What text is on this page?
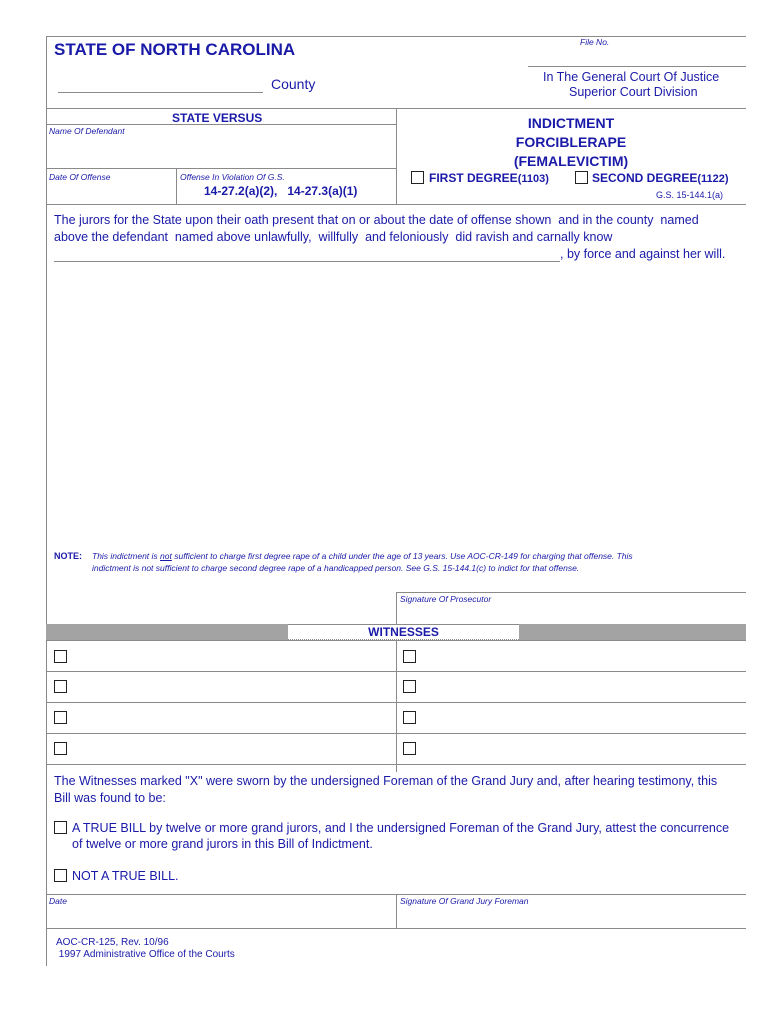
STATE OF NORTH CAROLINA	File No.
County	In The General Court Of Justice
Superior Court Division
STATE VERSUS
Name Of Defendant
Date Of Offense	Offense In Violation Of G.S.
14-27.2(a)(2),   14-27.3(a)(1)
INDICTMENT
FORCIBLERAPE
(FEMALEVICTIM)
FIRST DEGREE(1103)	SECOND DEGREE(1122)
G.S. 15-144.1(a)
The jurors for the State upon their oath present that on or about the date of offense shown  and in the county  named
above the defendant  named above unlawfully,  willfully  and feloniously  did ravish and carnally know
, by force and against her will.
NOTE: This indictment is not sufficient to charge first degree rape of a child under the age of 13 years. Use AOC-CR-149 for charging that offense. This
indictment is not sufficient to charge second degree rape of a handicapped person. See G.S. 15-144.1(c) to indict for that offense.
Signature Of Prosecutor
WITNESSES
The Witnesses marked "X" were sworn by the undersigned Foreman of the Grand Jury and, after hearing testimony, this
Bill was found to be:
A TRUE BILL by twelve or more grand jurors, and I the undersigned Foreman of the Grand Jury, attest the concurrence
of twelve or more grand jurors in this Bill of Indictment.
NOT A TRUE BILL.
Date	Signature Of Grand Jury Foreman
AOC-CR-125, Rev. 10/96
1997 Administrative Office of the Courts
